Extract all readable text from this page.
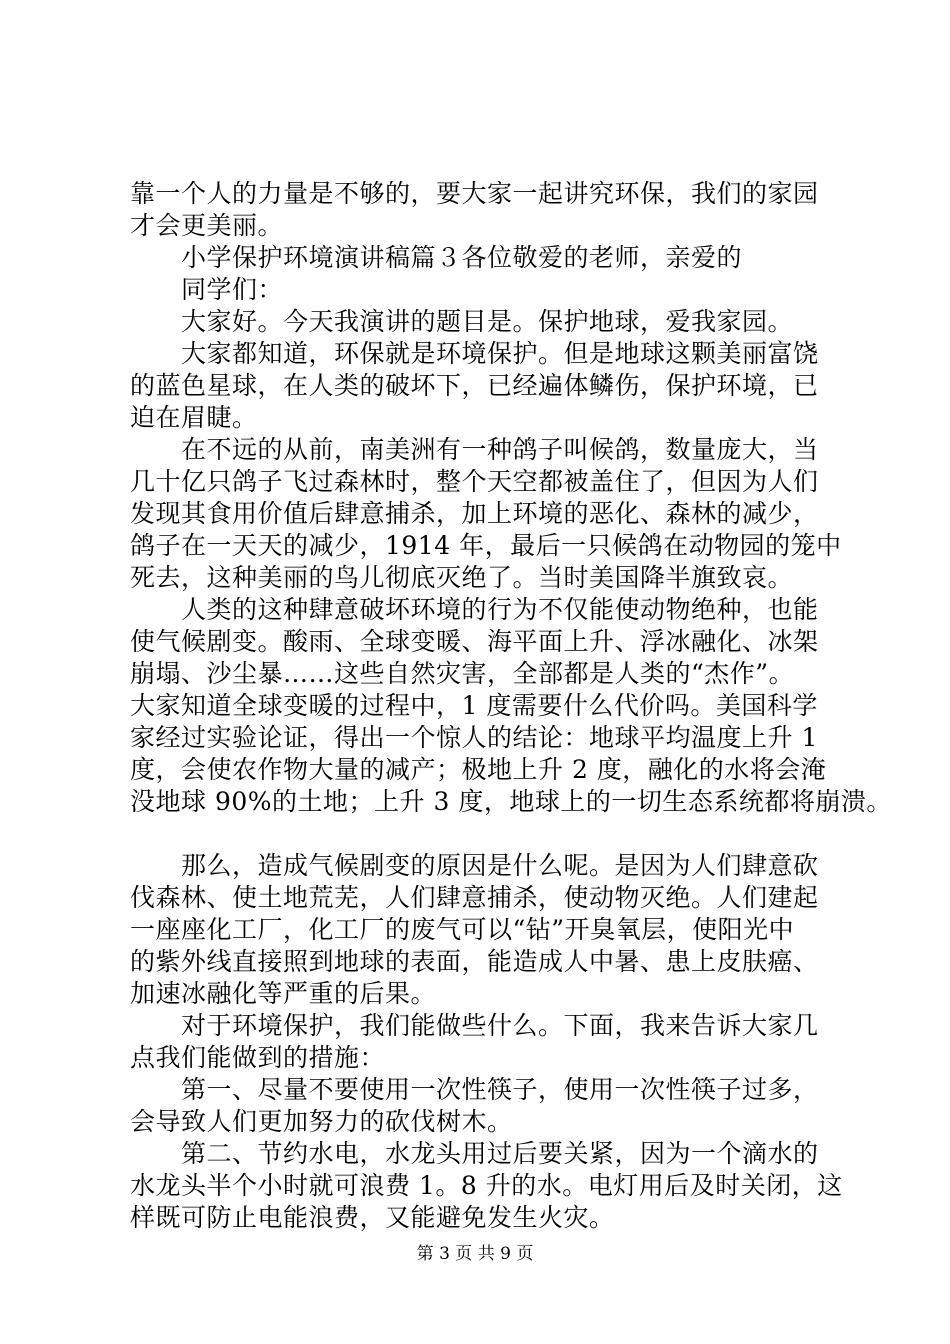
靠一个人的力量是不够的，要大家一起讲究环保，我们的家园
才会更美丽。
小学保护环境演讲稿篇３各位敬爱的老师，亲爱的
同学们：
大家好。今天我演讲的题目是。保护地球，爱我家园。
大家都知道，环保就是环境保护。但是地球这颗美丽富饶
的蓝色星球，在人类的破坏下，已经遍体鳞伤，保护环境，已
迫在眉睫。
在不远的从前，南美洲有一种鸽子叫候鸽，数量庞大，当
几十亿只鸽子飞过森林时，整个天空都被盖住了，但因为人们
发现其食用价值后肆意捕杀，加上环境的恶化、森林的减少，
鸽子在一天天的减少，1914 年，最后一只候鸽在动物园的笼中
死去，这种美丽的鸟儿彻底灭绝了。当时美国降半旗致哀。
人类的这种肆意破坏环境的行为不仅能使动物绝种，也能
使气候剧变。酸雨、全球变暖、海平面上升、浮冰融化、冰架
崩塌、沙尘暴……这些自然灾害，全部都是人类的“杰作”。
大家知道全球变暖的过程中，1 度需要什么代价吗。美国科学
家经过实验论证，得出一个惊人的结论：地球平均温度上升 1
度，会使农作物大量的减产；极地上升 2 度，融化的水将会淹
没地球 90%的土地；上升 3 度，地球上的一切生态系统都将崩溃。
那么，造成气候剧变的原因是什么呢。是因为人们肆意砍
伐森林、使土地荒芜，人们肆意捕杀，使动物灭绝。人们建起
一座座化工厂，化工厂的废气可以“钻”开臭氧层，使阳光中
的紫外线直接照到地球的表面，能造成人中暑、患上皮肤癌、
加速冰融化等严重的后果。
对于环境保护，我们能做些什么。下面，我来告诉大家几
点我们能做到的措施：
第一、尽量不要使用一次性筷子，使用一次性筷子过多，
会导致人们更加努力的砍伐树木。
第二、节约水电，水龙头用过后要关紧，因为一个滴水的
水龙头半个小时就可浪费 1。8 升的水。电灯用后及时关闭，这
样既可防止电能浪费，又能避免发生火灾。
第 3 页 共 9 页
